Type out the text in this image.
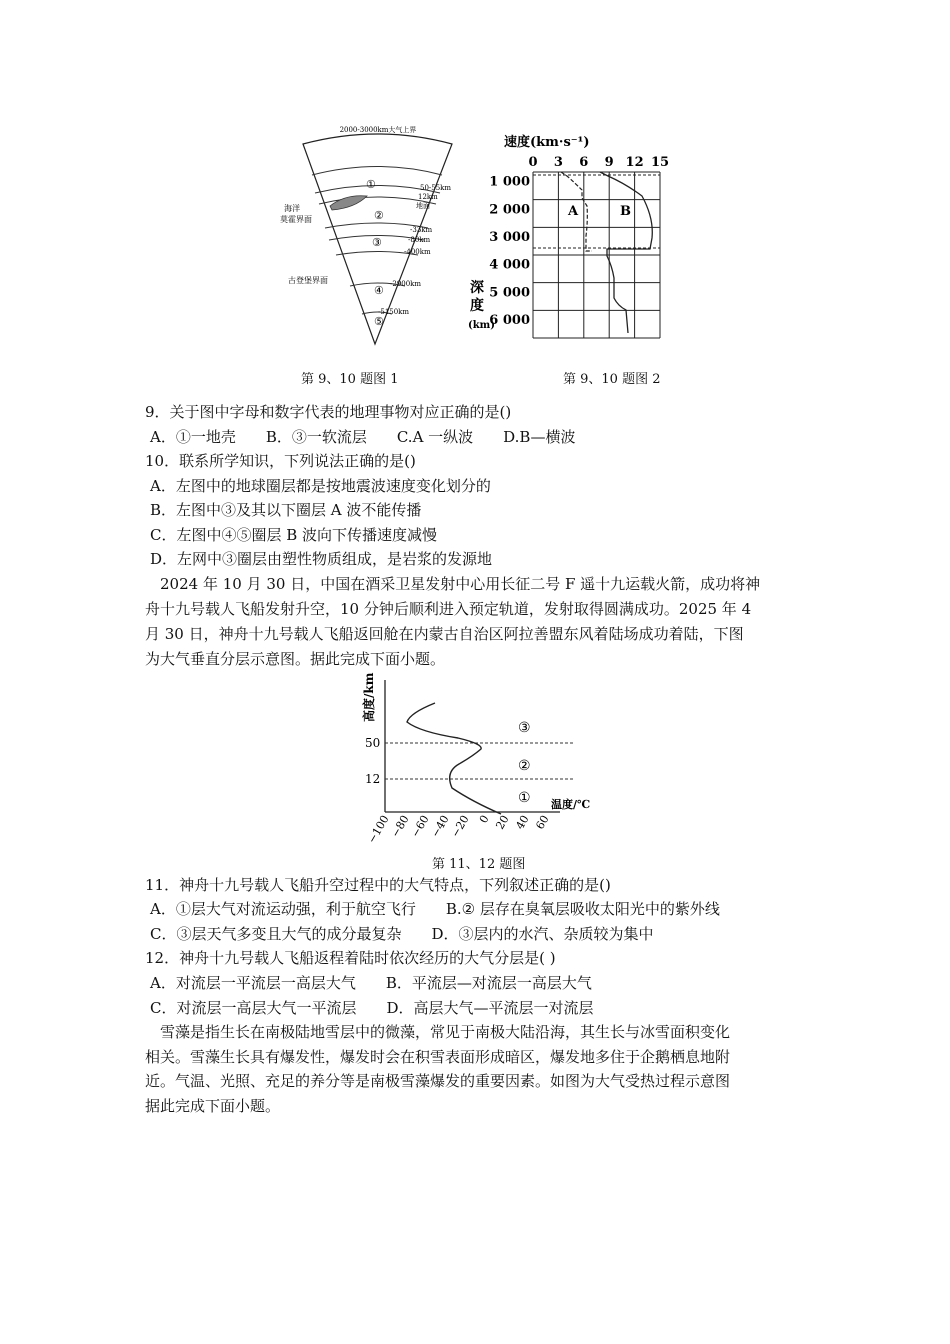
2000-3000km大气上界
①
②
③
④
⑤
50-55km
12km
地面
-33km
-80km
-400km
-2900km
-5150km
海洋
莫霍界面
古登堡界面
第 9、10 题图 1
速度(km·s⁻¹)
0 3 6 9 12 15
1 000
2 000
3 000
4 000
5 000
6 000
A	B
深
度
(km)
第 9、10 题图 2
9．关于图中字母和数字代表的地理事物对应正确的是()
A．①一地壳　　B．③一软流层　　C.A 一纵波　　D.B—横波
10．联系所学知识，下列说法正确的是()
A．左图中的地球圈层都是按地震波速度变化划分的
B．左图中③及其以下圈层 A 波不能传播
C．左图中④⑤圈层 B 波向下传播速度减慢
D．左网中③圈层由塑性物质组成，是岩浆的发源地
　2024 年 10 月 30 日，中国在酒采卫星发射中心用长征二号 F 遥十九运载火箭，成功将神
舟十九号载人飞船发射升空，10 分钟后顺利进入预定轨道，发射取得圆满成功。2025 年 4
月 30 日，神舟十九号载人飞船返回舱在内蒙古自治区阿拉善盟东风着陆场成功着陆，下图
为大气垂直分层示意图。据此完成下面小题。
高度/km
50
12
③
②
① 温度/℃
−100
−80
−60
−40
−20 0 20 40 60
第 11、12 题图
11．神舟十九号载人飞船升空过程中的大气特点，下列叙述正确的是()
A．①层大气对流运动强，利于航空飞行　　B.② 层存在臭氧层吸收太阳光中的紫外线
C．③层天气多变且大气的成分最复杂　　D．③层内的水汽、杂质较为集中
12．神舟十九号载人飞船返程着陆时依次经历的大气分层是( )
A．对流层一平流层一高层大气　　B．平流层—对流层一高层大气
C．对流层一高层大气一平流层　　D．高层大气—平流层一对流层
　雪藻是指生长在南极陆地雪层中的微藻，常见于南极大陆沿海，其生长与冰雪面积变化
相关。雪藻生长具有爆发性，爆发时会在积雪表面形成暗区，爆发地多住于企鹅栖息地附
近。气温、光照、充足的养分等是南极雪藻爆发的重要因素。如图为大气受热过程示意图
据此完成下面小题。
